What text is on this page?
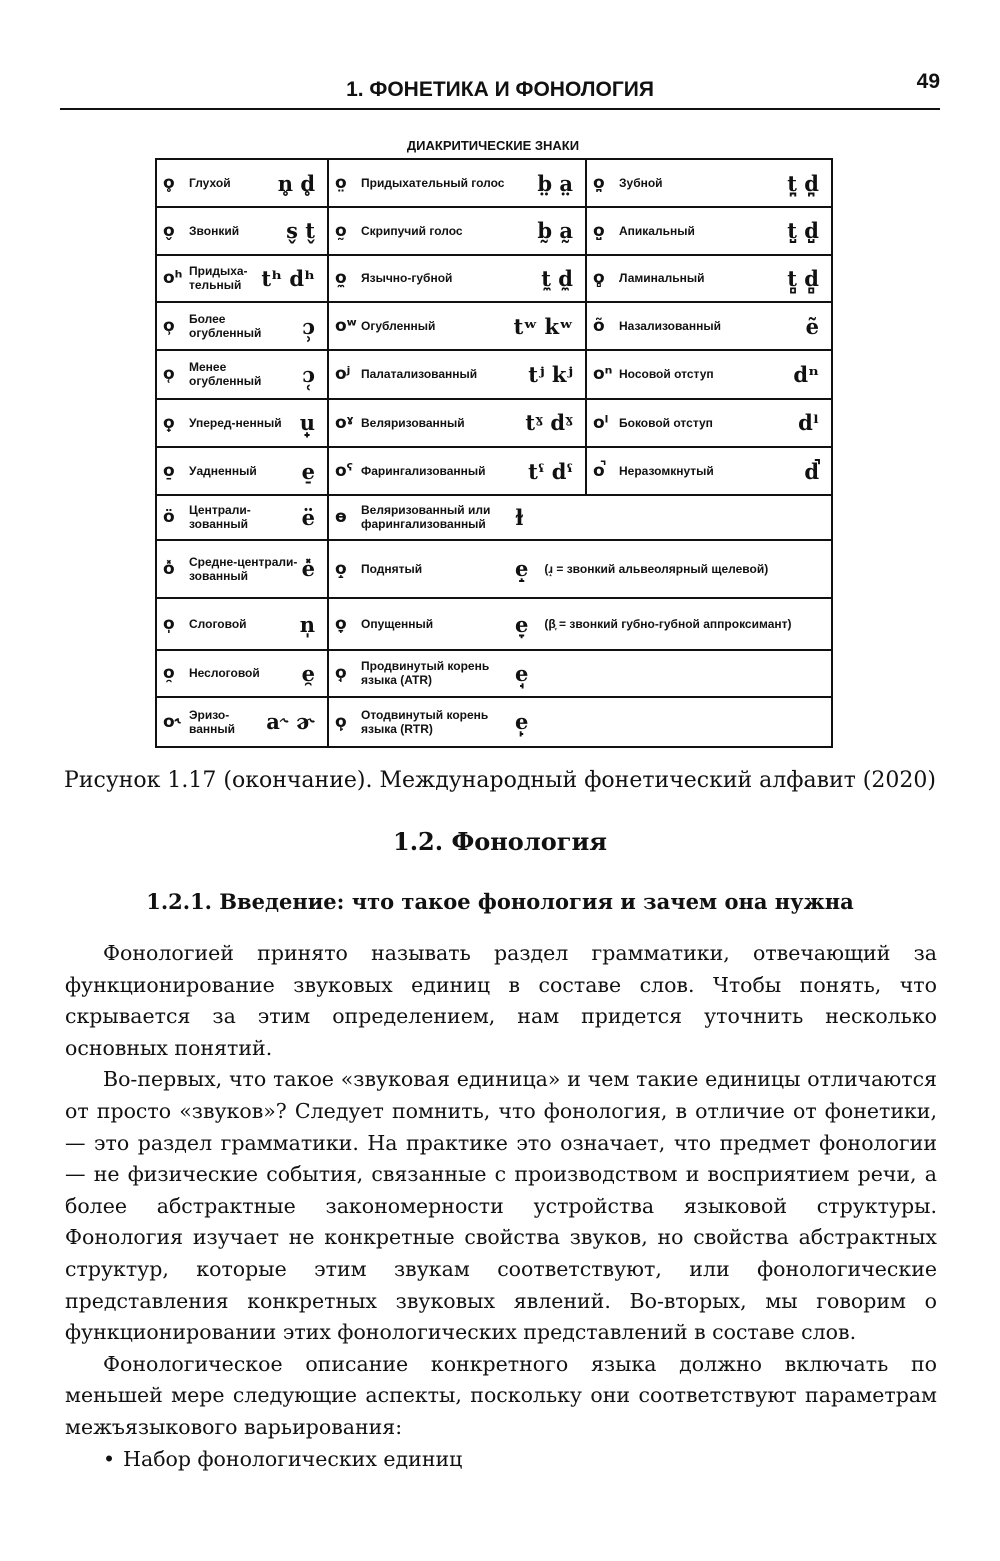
1. ФОНЕТИКА И ФОНОЛОГИЯ	49
ДИАКРИТИЧЕСКИЕ ЗНАКИ
o̥ Глухой n̥ d̥	o̤ Придыхательный голос b̤ a̤	o̪ Зубной t̪ d̪

o̬ Звонкий s̬ t̬	o̰ Скрипучий голос b̰ a̰	o̺ Апикальный t̺ d̺

oʰ Придыха-тельный tʰ dʰ	o̼ Язычно-губной t̼ d̼	o̻ Ламинальный t̻ d̻

o̹ Более огубленный ɔ̹	oʷ Огубленный tʷ kʷ	õ Назализованный ẽ

o̜ Менее огубленный ɔ̜	oʲ Палатализованный tʲ kʲ	oⁿ Носовой отступ dⁿ

o̟ Уперед-ненный u̟	oˠ Веляризованный tˠ dˠ	oˡ Боковой отступ dˡ

o̠ Уадненный e̠	oˤ Фарингализованный tˤ dˤ	o̚ Неразомкнутый d̚

ö Централи-зованный ë	ɵ Веляризованный или фарингализованный ɫ	

o̽ Средне-централи-зованный e̽	o̝ Поднятый e̝ (ɹ̝ = звонкий альвеолярный щелевой)	

o̩ Слоговой n̩	o̞ Опущенный e̞ (β̞ = звонкий губно-губной аппроксимант)	

o̯ Неслоговой e̯	o̘ Продвинутый корень языка (ATR) e̘	

o˞ Эризо-ванный a˞ ɚ	o̙ Отодвинутый корень языка (RTR) e̙	
Рисунок 1.17 (окончание). Международный фонетический алфавит (2020)
1.2. Фонология
1.2.1. Введение: что такое фонология и зачем она нужна

Фонологией принято называть раздел грамматики, отвечающий за функционирование звуковых единиц в составе слов. Чтобы понять, что скрывается за этим определением, нам придется уточнить несколько основных понятий.

Во-первых, что такое «звуковая единица» и чем такие единицы отличаются от просто «звуков»? Следует помнить, что фонология, в отличие от фонетики, — это раздел грамматики. На практике это означает, что предмет фонологии — не физические события, связанные с производством и восприятием речи, а более абстрактные закономерности устройства языковой структуры. Фонология изучает не конкретные свойства звуков, но свойства абстрактных структур, которые этим звукам соответствуют, или фонологические представления конкретных звуковых явлений. Во-вторых, мы говорим о функционировании этих фонологических представлений в составе слов.

Фонологическое описание конкретного языка должно включать по меньшей мере следующие аспекты, поскольку они соответствуют параметрам межъязыкового варьирования:

• Набор фонологических единиц
